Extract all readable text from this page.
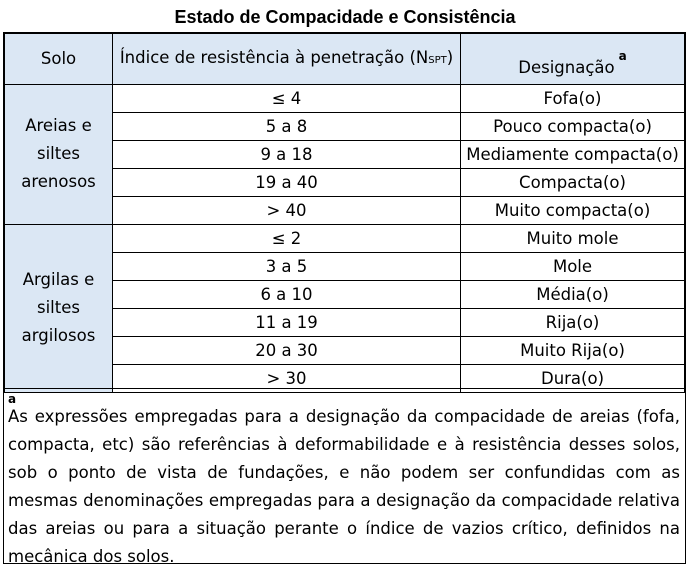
Estado de Compacidade e Consistência
Solo	Índice de resistência à penetração (NSPT)	Designação$^a$

Areias e
siltes
arenosos	≤ 4	Fofa(o)
	5 a 8	Pouco compacta(o)
	9 a 18	Mediamente compacta(o)
	19 a 40	Compacta(o)
	> 40	Muito compacta(o)

Argilas e
siltes
argilosos	≤ 2	Muito mole
	3 a 5	Mole
	6 a 10	Média(o)
	11 a 19	Rija(o)
	20 a 30	Muito Rija(o)
	> 30	Dura(o)
a

As expressões empregadas para a designação da compacidade de areias (fofa, compacta, etc) são referências à deformabilidade e à resistência desses solos, sob o ponto de vista de fundações, e não podem ser confundidas com as mesmas denominações empregadas para a designação da compacidade relativa das areias ou para a situação perante o índice de vazios crítico, definidos na mecânica dos solos.
